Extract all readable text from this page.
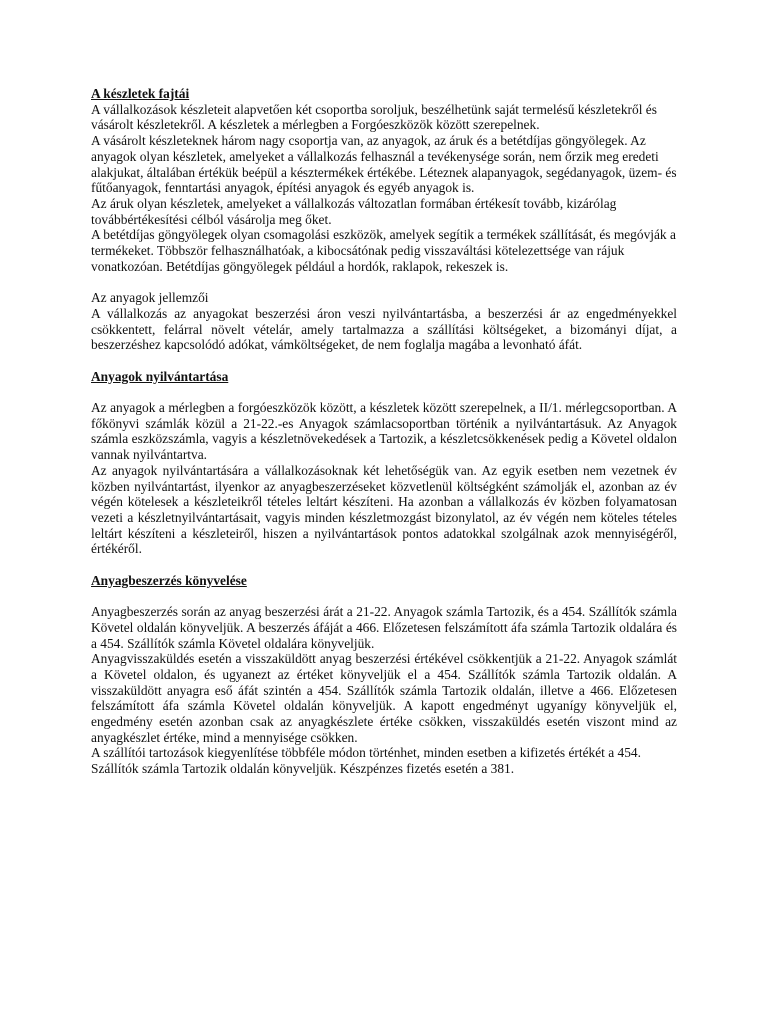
A készletek fajtái

A vállalkozások készleteit alapvetően két csoportba soroljuk, beszélhetünk saját termelésű készletekről és vásárolt készletekről. A készletek a mérlegben a Forgóeszközök között szerepelnek.

A vásárolt készleteknek három nagy csoportja van, az anyagok, az áruk és a betétdíjas göngyölegek. Az anyagok olyan készletek, amelyeket a vállalkozás felhasznál a tevékenysége során, nem őrzik meg eredeti alakjukat, általában értékük beépül a késztermékek értékébe. Léteznek alapanyagok, segédanyagok, üzem- és fűtőanyagok, fenntartási anyagok, építési anyagok és egyéb anyagok is.

Az áruk olyan készletek, amelyeket a vállalkozás változatlan formában értékesít tovább, kizárólag továbbértékesítési célból vásárolja meg őket.

A betétdíjas göngyölegek olyan csomagolási eszközök, amelyek segítik a termékek szállítását, és megóvják a termékeket. Többször felhasználhatóak, a kibocsátónak pedig visszaváltási kötelezettsége van rájuk vonatkozóan. Betétdíjas göngyölegek például a hordók, raklapok, rekeszek is.

Az anyagok jellemzői

A vállalkozás az anyagokat beszerzési áron veszi nyilvántartásba, a beszerzési ár az engedményekkel csökkentett, felárral növelt vételár, amely tartalmazza a szállítási költségeket, a bizományi díjat, a beszerzéshez kapcsolódó adókat, vámköltségeket, de nem foglalja magába a levonható áfát.

Anyagok nyilvántartása

Az anyagok a mérlegben a forgóeszközök között, a készletek között szerepelnek, a II/1. mérlegcsoportban. A főkönyvi számlák közül a 21-22.-es Anyagok számlacsoportban történik a nyilvántartásuk. Az Anyagok számla eszközszámla, vagyis a készletnövekedések a Tartozik, a készletcsökkenések pedig a Követel oldalon vannak nyilvántartva.

Az anyagok nyilvántartására a vállalkozásoknak két lehetőségük van. Az egyik esetben nem vezetnek év közben nyilvántartást, ilyenkor az anyagbeszerzéseket közvetlenül költségként számolják el, azonban az év végén kötelesek a készleteikről tételes leltárt készíteni. Ha azonban a vállalkozás év közben folyamatosan vezeti a készletnyilvántartásait, vagyis minden készletmozgást bizonylatol, az év végén nem köteles tételes leltárt készíteni a készleteiről, hiszen a nyilvántartások pontos adatokkal szolgálnak azok mennyiségéről, értékéről.

Anyagbeszerzés könyvelése

Anyagbeszerzés során az anyag beszerzési árát a 21-22. Anyagok számla Tartozik, és a 454. Szállítók számla Követel oldalán könyveljük. A beszerzés áfáját a 466. Előzetesen felszámított áfa számla Tartozik oldalára és a 454. Szállítók számla Követel oldalára könyveljük.

Anyagvisszaküldés esetén a visszaküldött anyag beszerzési értékével csökkentjük a 21-22. Anyagok számlát a Követel oldalon, és ugyanezt az értéket könyveljük el a 454. Szállítók számla Tartozik oldalán. A visszaküldött anyagra eső áfát szintén a 454. Szállítók számla Tartozik oldalán, illetve a 466. Előzetesen felszámított áfa számla Követel oldalán könyveljük. A kapott engedményt ugyanígy könyveljük el, engedmény esetén azonban csak az anyagkészlete értéke csökken, visszaküldés esetén viszont mind az anyagkészlet értéke, mind a mennyisége csökken.

A szállítói tartozások kiegyenlítése többféle módon történhet, minden esetben a kifizetés értékét a 454. Szállítók számla Tartozik oldalán könyveljük. Készpénzes fizetés esetén a 381.
